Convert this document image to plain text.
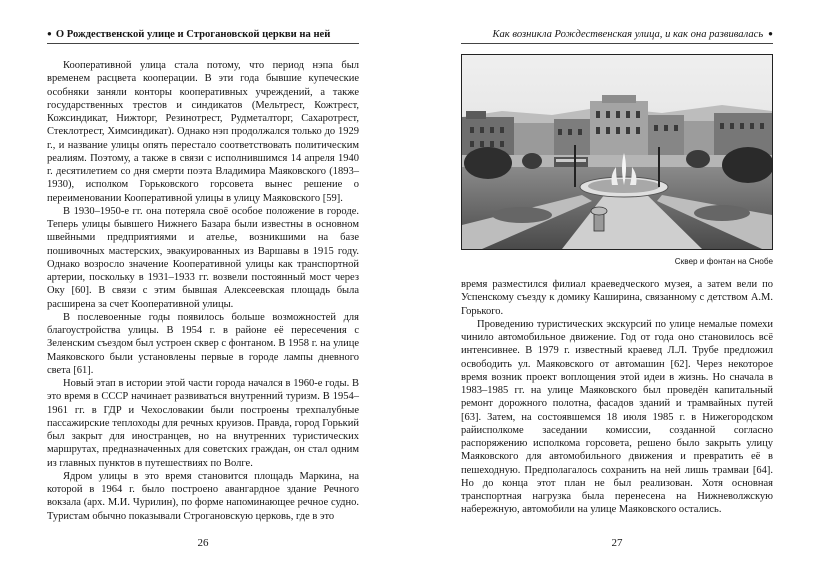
● О Рождественской улице и Строгановской церкви на ней

Кооперативной улица стала потому, что период нэпа был временем расцвета кооперации. В эти года бывшие купеческие особняки заняли конторы кооперативных учреждений, а также государственных трестов и синдикатов (Мельтрест, Кожтрест, Кожсиндикат, Нижторг, Резинотрест, Рудметалторг, Сахаротрест, Стеклотрест, Химсиндикат). Однако нэп продолжался только до 1929 г., и название улицы опять перестало соответствовать политическим реалиям. Поэтому, а также в связи с исполнившимся 14 апреля 1940 г. десятилетием со дня смерти поэта Владимира Маяковского (1893–1930), исполком Горьковского горсовета вынес решение о переименовании Кооперативной улицы в улицу Маяковского [59].

В 1930–1950-е гг. она потеряла своё особое положение в городе. Теперь улицы бывшего Нижнего Базара были известны в основном швейными предприятиями и ателье, возникшими на базе пошивочных мастерских, эвакуированных из Варшавы в 1915 году. Однако возросло значение Кооперативной улицы как транспортной артерии, поскольку в 1931–1933 гг. возвели постоянный мост через Оку [60]. В связи с этим бывшая Алексеевская площадь была расширена за счет Кооперативной улицы.

В послевоенные годы появилось больше возможностей для благоустройства улицы. В 1954 г. в районе её пересечения с Зеленским съездом был устроен сквер с фонтаном. В 1958 г. на улице Маяковского были установлены первые в городе лампы дневного света [61].

Новый этап в истории этой части города начался в 1960-е годы. В это время в СССР начинает развиваться внутренний туризм. В 1954–1961 гг. в ГДР и Чехословакии были построены трехпалубные пассажирские теплоходы для речных круизов. Правда, город Горький был закрыт для иностранцев, но на внутренних туристических маршрутах, предназначенных для советских граждан, он стал одним из главных пунктов в путешествиях по Волге.

Ядром улицы в это время становится площадь Маркина, на которой в 1964 г. было построено авангардное здание Речного вокзала (арх. М.И. Чурилин), по форме напоминающее речное судно. Туристам обычно показывали Строгановскую церковь, где в это

26
Как возникла Рождественская улица, и как она развивалась ●
Сквер и фонтан на Снобе

время разместился филиал краеведческого музея, а затем вели по Успенскому съезду к домику Каширина, связанному с детством А.М. Горького.

Проведению туристических экскурсий по улице немалые помехи чинило автомобильное движение. Год от года оно становилось всё интенсивнее. В 1979 г. известный краевед Л.Л. Трубе предложил освободить ул. Маяковского от автомашин [62]. Через некоторое время возник проект воплощения этой идеи в жизнь. Но сначала в 1983–1985 гг. на улице Маяковского был проведён капитальный ремонт дорожного полотна, фасадов зданий и трамвайных путей [63]. Затем, на состоявшемся 18 июля 1985 г. в Нижегородском райисполкоме заседании комиссии, созданной согласно распоряжению исполкома горсовета, решено было закрыть улицу Маяковского для автомобильного движения и превратить её в пешеходную. Предполагалось сохранить на ней лишь трамваи [64]. Но до конца этот план не был реализован. Хотя основная транспортная нагрузка была перенесена на Нижневолжскую набережную, автомобили на улице Маяковского остались.

27
